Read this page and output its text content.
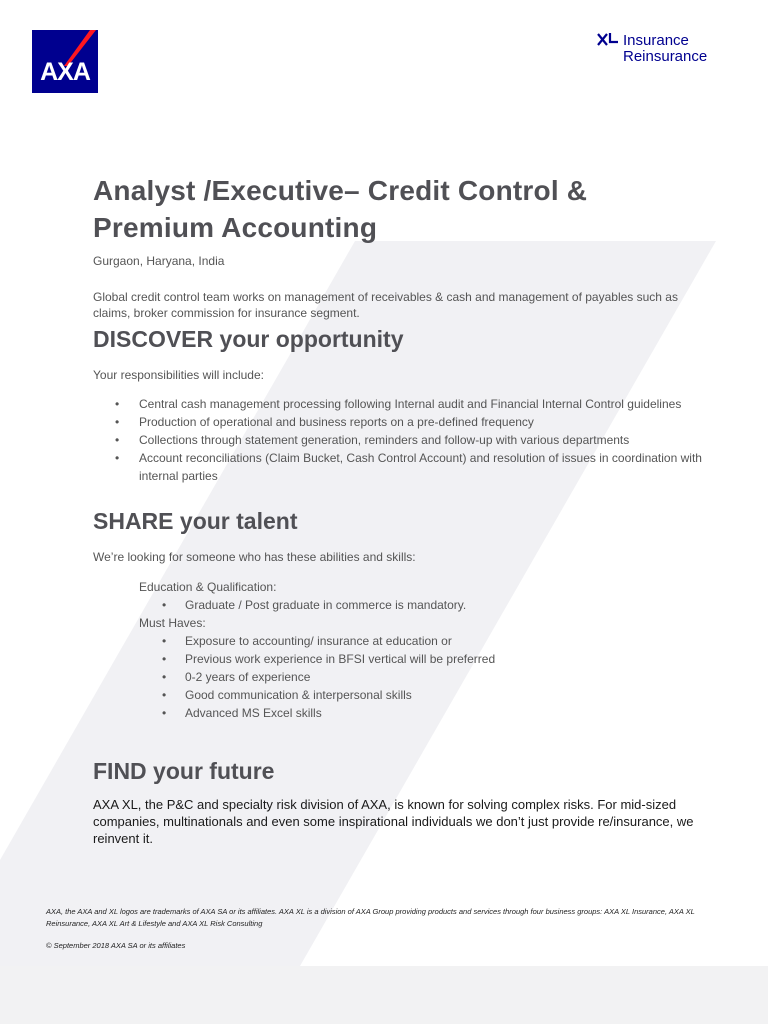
AXA
Insurance
Reinsurance
Analyst /Executive– Credit Control & Premium Accounting
Gurgaon, Haryana, India
Global credit control team works on management of receivables & cash and management of payables such as claims, broker commission for insurance segment.
DISCOVER your opportunity
Your responsibilities will include:
• Central cash management processing following Internal audit and Financial Internal Control guidelines
• Production of operational and business reports on a pre-defined frequency
• Collections through statement generation, reminders and follow-up with various departments
• Account reconciliations (Claim Bucket, Cash Control Account) and resolution of issues in coordination with internal parties
SHARE your talent
We’re looking for someone who has these abilities and skills:
Education & Qualification:
• Graduate / Post graduate in commerce is mandatory.
Must Haves:
• Exposure to accounting/ insurance at education or
• Previous work experience in BFSI vertical will be preferred
• 0-2 years of experience
• Good communication & interpersonal skills
• Advanced MS Excel skills
FIND your future
AXA XL, the P&C and specialty risk division of AXA, is known for solving complex risks. For mid-sized companies, multinationals and even some inspirational individuals we don’t just provide re/insurance, we reinvent it.
AXA, the AXA and XL logos are trademarks of AXA SA or its affiliates. AXA XL is a division of AXA Group providing products and services through four business groups: AXA XL Insurance, AXA XL Reinsurance, AXA XL Art & Lifestyle and AXA XL Risk Consulting
© September 2018 AXA SA or its affiliates
